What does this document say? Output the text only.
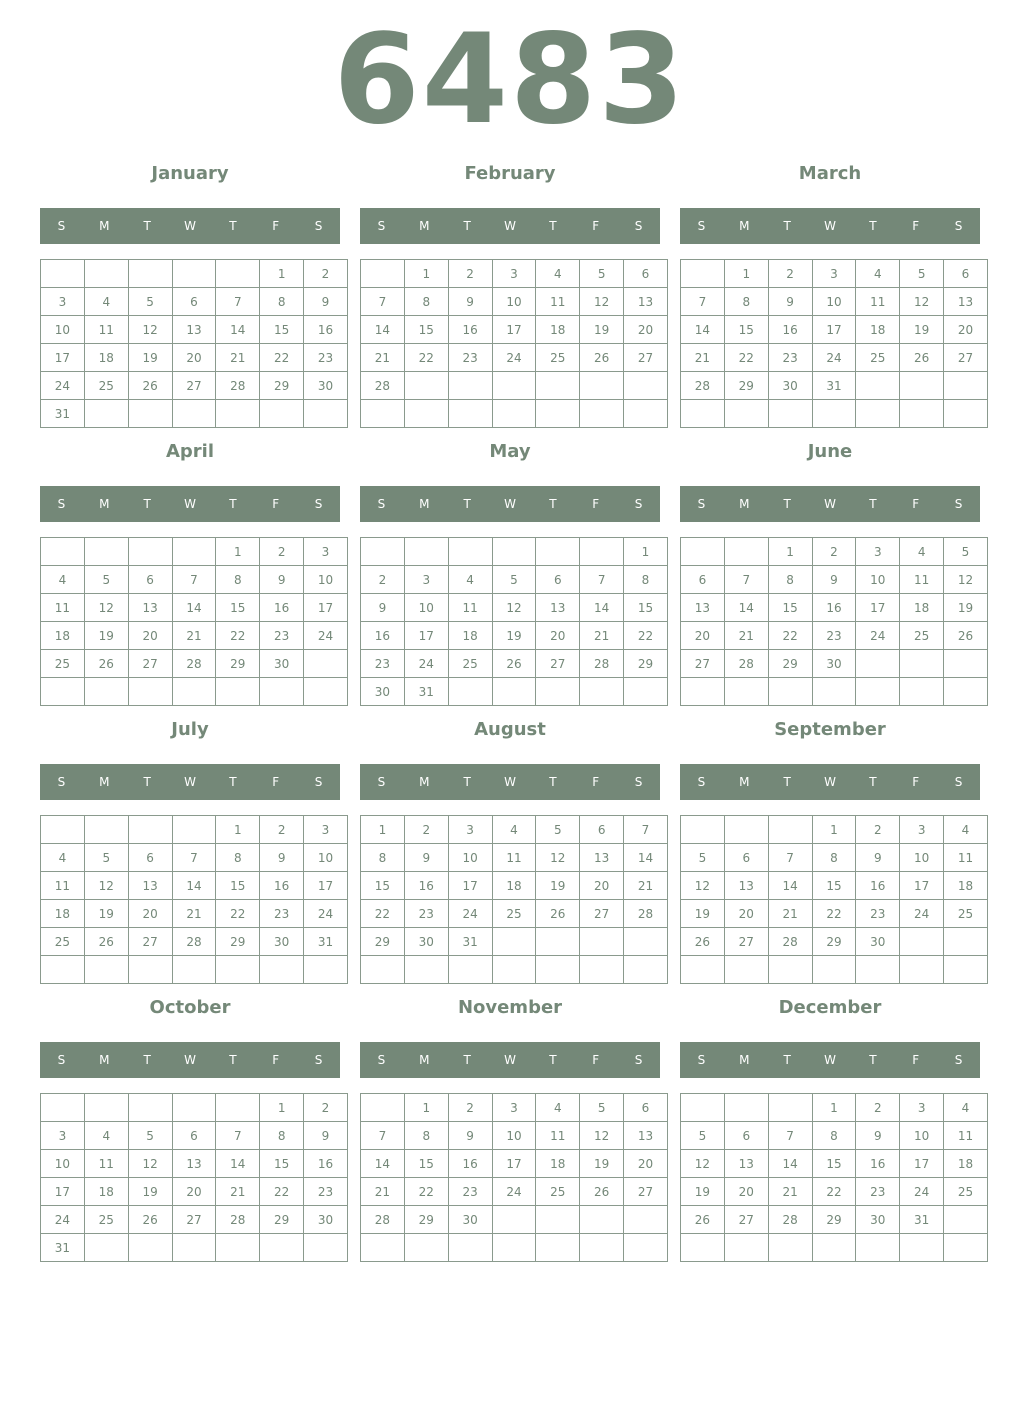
6483
January
S	M	T	W	T	F	S
					1	2
3	4	5	6	7	8	9
10	11	12	13	14	15	16
17	18	19	20	21	22	23
24	25	26	27	28	29	30
31						
February
S	M	T	W	T	F	S
	1	2	3	4	5	6
7	8	9	10	11	12	13
14	15	16	17	18	19	20
21	22	23	24	25	26	27
28						

March
S	M	T	W	T	F	S
	1	2	3	4	5	6
7	8	9	10	11	12	13
14	15	16	17	18	19	20
21	22	23	24	25	26	27
28	29	30	31			

April
S	M	T	W	T	F	S
				1	2	3
4	5	6	7	8	9	10
11	12	13	14	15	16	17
18	19	20	21	22	23	24
25	26	27	28	29	30	

May
S	M	T	W	T	F	S
						1
2	3	4	5	6	7	8
9	10	11	12	13	14	15
16	17	18	19	20	21	22
23	24	25	26	27	28	29
30	31					
June
S	M	T	W	T	F	S
		1	2	3	4	5
6	7	8	9	10	11	12
13	14	15	16	17	18	19
20	21	22	23	24	25	26
27	28	29	30			

July
S	M	T	W	T	F	S
				1	2	3
4	5	6	7	8	9	10
11	12	13	14	15	16	17
18	19	20	21	22	23	24
25	26	27	28	29	30	31

August
S	M	T	W	T	F	S
1	2	3	4	5	6	7
8	9	10	11	12	13	14
15	16	17	18	19	20	21
22	23	24	25	26	27	28
29	30	31				

September
S	M	T	W	T	F	S
			1	2	3	4
5	6	7	8	9	10	11
12	13	14	15	16	17	18
19	20	21	22	23	24	25
26	27	28	29	30		

October
S	M	T	W	T	F	S
					1	2
3	4	5	6	7	8	9
10	11	12	13	14	15	16
17	18	19	20	21	22	23
24	25	26	27	28	29	30
31						
November
S	M	T	W	T	F	S
	1	2	3	4	5	6
7	8	9	10	11	12	13
14	15	16	17	18	19	20
21	22	23	24	25	26	27
28	29	30				

December
S	M	T	W	T	F	S
			1	2	3	4
5	6	7	8	9	10	11
12	13	14	15	16	17	18
19	20	21	22	23	24	25
26	27	28	29	30	31	
